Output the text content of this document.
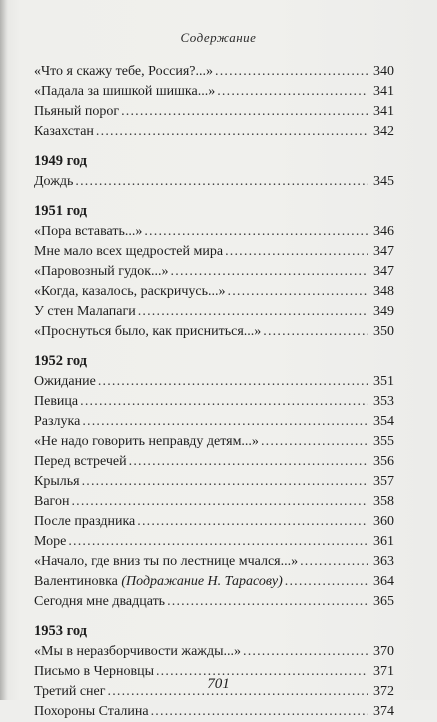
Содержание
«Что я скажу тебе, Россия?...» .....	340
«Падала за шишкой шишка...» .....	341
Пьяный порог .....	341
Казахстан .....	342
1949 год
Дождь .....	345
1951 год
«Пора вставать...» .....	346
Мне мало всех щедростей мира .....	347
«Паровозный гудок...» .....	347
«Когда, казалось, раскричусь...» .....	348
У стен Малапаги .....	349
«Проснуться было, как присниться...» .....	350
1952 год
Ожидание .....	351
Певица .....	353
Разлука .....	354
«Не надо говорить неправду детям...» .....	355
Перед встречей .....	356
Крылья .....	357
Вагон .....	358
После праздника .....	360
Море .....	361
«Начало, где вниз ты по лестнице мчался...» .....	363
Валентиновка (Подражание Н. Тарасову) .....	364
Сегодня мне двадцать .....	365
1953 год
«Мы в неразборчивости жажды...» .....	370
Письмо в Черновцы .....	371
Третий снег .....	372
Похороны Сталина .....	374
701
